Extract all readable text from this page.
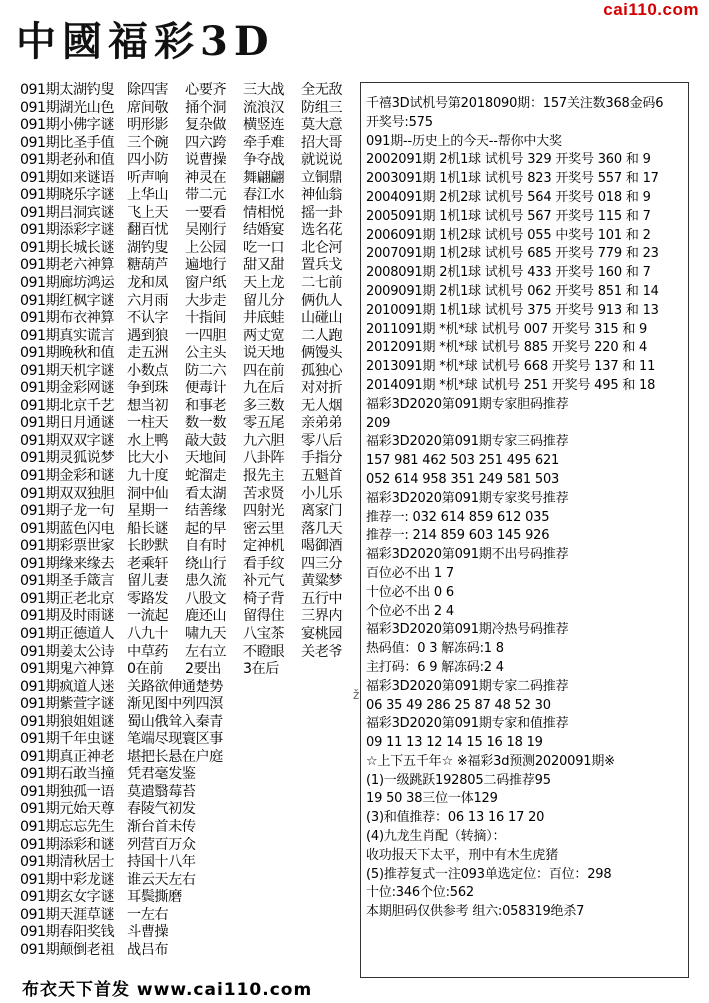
cai110.com
中國福彩3D
091期太湖钓叟 除四害 心要齐 三大战 全无敌
091期湖光山色 席间敬 捅个洞 流浪汉 防组三
091期小佛字谜 明形影 复杂做 横竖连 莫大意
091期比圣手值 三个碗 四六跨 牵手难 招大哥
091期老孙和值 四小防 说曹操 争夺战 就说说
091期如来谜语 听声响 神灵在 舞翩翩 立铜鼎
091期晓乐字谜 上华山 带二元 春江水 神仙翁
091期吕洞宾谜 飞上天 一要看 情相悦 摇一卦
091期添彩字谜 翻百忧 吴刚行 结婚宴 选名花
091期长城长谜 湖钓叟 上公园 吃一口 北仑河
091期老六神算 糖葫芦 遍地行 甜又甜 置兵戈
091期廊坊鸿运 龙和凤 窗户纸 天上龙 二七前
091期红枫字谜 六月雨 大步走 留儿分 俩仇人
091期布衣神算 不认字 十指间 井底蛙 山碰山
091期真实谎言 遇到狼 一四胆 两丈宽 二人跑
091期晚秋和值 走五洲 公主头 说天地 俩馒头
091期天机字谜 小数点 防二六 四在前 孤独心
091期金彩网谜 争到珠 便毒计 九在后 对对折
091期北京千艺 想当初 和事老 多三数 无人烟
091期日月通谜 一柱天 数一数 零五尾 亲弟弟
091期双双字谜 水上鸭 敲大鼓 九六胆 零八后
091期灵狐说梦 比大小 天地间 八卦阵 手指分
091期金彩和谜 九十度 蛇溜走 报先主 五魁首
091期双双独胆 洞中仙 看太湖 苦求贤 小儿乐
091期子龙一句 星期一 结善缘 四射光 离家门
091期蓝色闪电 船长谜 起的早 密云里 落几天
091期彩票世家 长眇默 自有时 定神机 喝御酒
091期缘来缘去 老乘轩 绕山行 看手纹 四三分
091期圣手箴言 留儿妻 患久流 补元气 黄粱梦
091期正老北京 零路发 八股文 椅子背 五行中
091期及时雨谜 一流起 鹿还山 留得住 三界内
091期正德道人 八九十 啸九天 八宝茶 宴桃园
091期姜太公诗 中草药 左右立 不瞪眼 关老爷
091期鬼六神算 0在前 2要出 3在后
091期疯道人迷 关路欲伸通楚势
091期紫萱字谜 渐见图中列四溟
091期狼姐姐谜 蜀山俄耸入秦青
091期千年虫谜 笔端尽现寰区事
091期真正神老 堪把长悬在户庭
091期石敢当撞 凭君毫发鉴
091期独孤一语 莫遣翳莓苔
091期元始天尊 春陵气初发
091期忘忘先生 渐台首未传
091期添彩和谜 列营百万众
091期清秋居士 持国十八年
091期中彩龙谜 谁云天左右
091期玄女字谜 耳鬓撕磨
091期天涯草谜 一左右
091期春阳奖钱 斗曹操
091期颠倒老祖 战吕布
ž
千禧3D试机号第2018090期：157关注数368金码6
开奖号:575
091期--历史上的今天--帮你中大奖
2002091期 2机1球 试机号 329 开奖号 360 和 9
2003091期 1机1球 试机号 823 开奖号 557 和 17
2004091期 2机2球 试机号 564 开奖号 018 和 9
2005091期 1机1球 试机号 567 开奖号 115 和 7
2006091期 1机2球 试机号 055 中奖号 101 和 2
2007091期 1机2球 试机号 685 开奖号 779 和 23
2008091期 2机1球 试机号 433 开奖号 160 和 7
2009091期 2机1球 试机号 062 开奖号 851 和 14
2010091期 1机1球 试机号 375 开奖号 913 和 13
2011091期 *机*球 试机号 007 开奖号 315 和 9
2012091期 *机*球 试机号 885 开奖号 220 和 4
2013091期 *机*球 试机号 668 开奖号 137 和 11
2014091期 *机*球 试机号 251 开奖号 495 和 18
福彩3D2020第091期专家胆码推荐
209
福彩3D2020第091期专家三码推荐
157 981 462 503 251 495 621
052 614 958 351 249 581 503
福彩3D2020第091期专家奖号推荐
推荐一: 032 614 859 612 035
推荐一: 214 859 603 145 926
福彩3D2020第091期不出号码推荐
百位必不出 1 7
十位必不出 0 6
个位必不出 2 4
福彩3D2020第091期冷热号码推荐
热码值：0 3 解冻码:1 8
主打码：6 9 解冻码:2 4
福彩3D2020第091期专家二码推荐
06 35 49 286 25 87 48 52 30
福彩3D2020第091期专家和值推荐
09 11 13 12 14 15 16 18 19
☆上下五千年☆ ※福彩3d预测2020091期※
(1)一级跳跃192805二码推荐95
19 50 38三位一体129
(3)和值推荐：06 13 16 17 20
(4)九龙生肖配（转摘）：
收功报天下太平，刑中有木生虎猪
(5)推荐复式一注093单选定位：百位：298
十位:346个位:562
本期胆码仅供参考 组六:058319绝杀7
布衣天下首发 www.cai110.com
